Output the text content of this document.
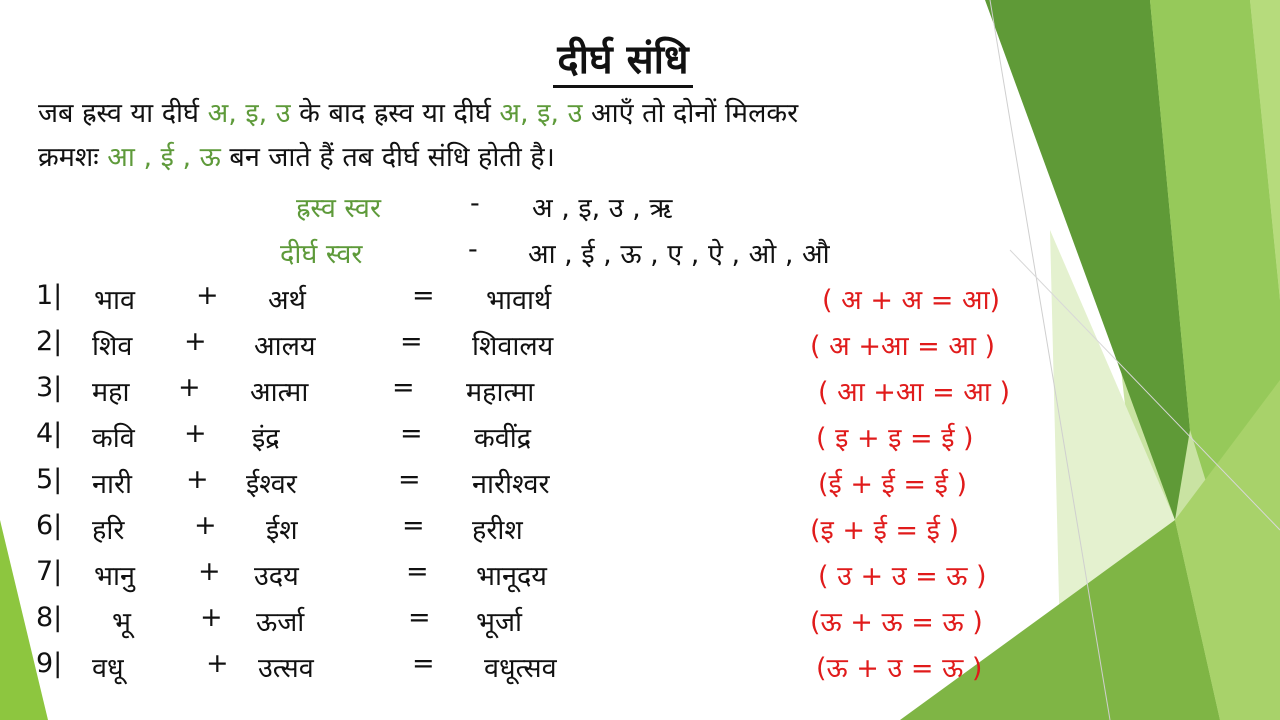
दीर्घ संधि
जब ह्रस्व या दीर्घ अ, इ, उ के बाद ह्रस्व या दीर्घ अ, इ, उ आएँ तो दोनों मिलकर
क्रमशः आ , ई , ऊ बन जाते हैं तब दीर्घ संधि होती है।
ह्रस्व स्वर	- अ , इ, उ , ऋ
दीर्घ स्वर	- आ , ई , ऊ , ए , ऐ , ओ , औ
1| भाव + अर्थ	= भावार्थ	( अ + अ = आ)
2| शिव + आलय	= शिवालय	( अ +आ = आ )
3| महा + आत्मा	= महात्मा	( आ +आ = आ )
4| कवि + इंद्र	= कवींद्र	( इ + इ = ई )
5| नारी + ईश्वर	= नारीश्वर	(ई + ई = ई )
6| हरि	+ ईश	= हरीश	(इ + ई = ई )
7| भानु + उदय	= भानूदय	( उ + उ = ऊ )
8| भू	+ ऊर्जा	= भूर्जा	(ऊ + ऊ = ऊ )
9| वधू	+ उत्सव	= वधूत्सव	(ऊ + उ = ऊ )
